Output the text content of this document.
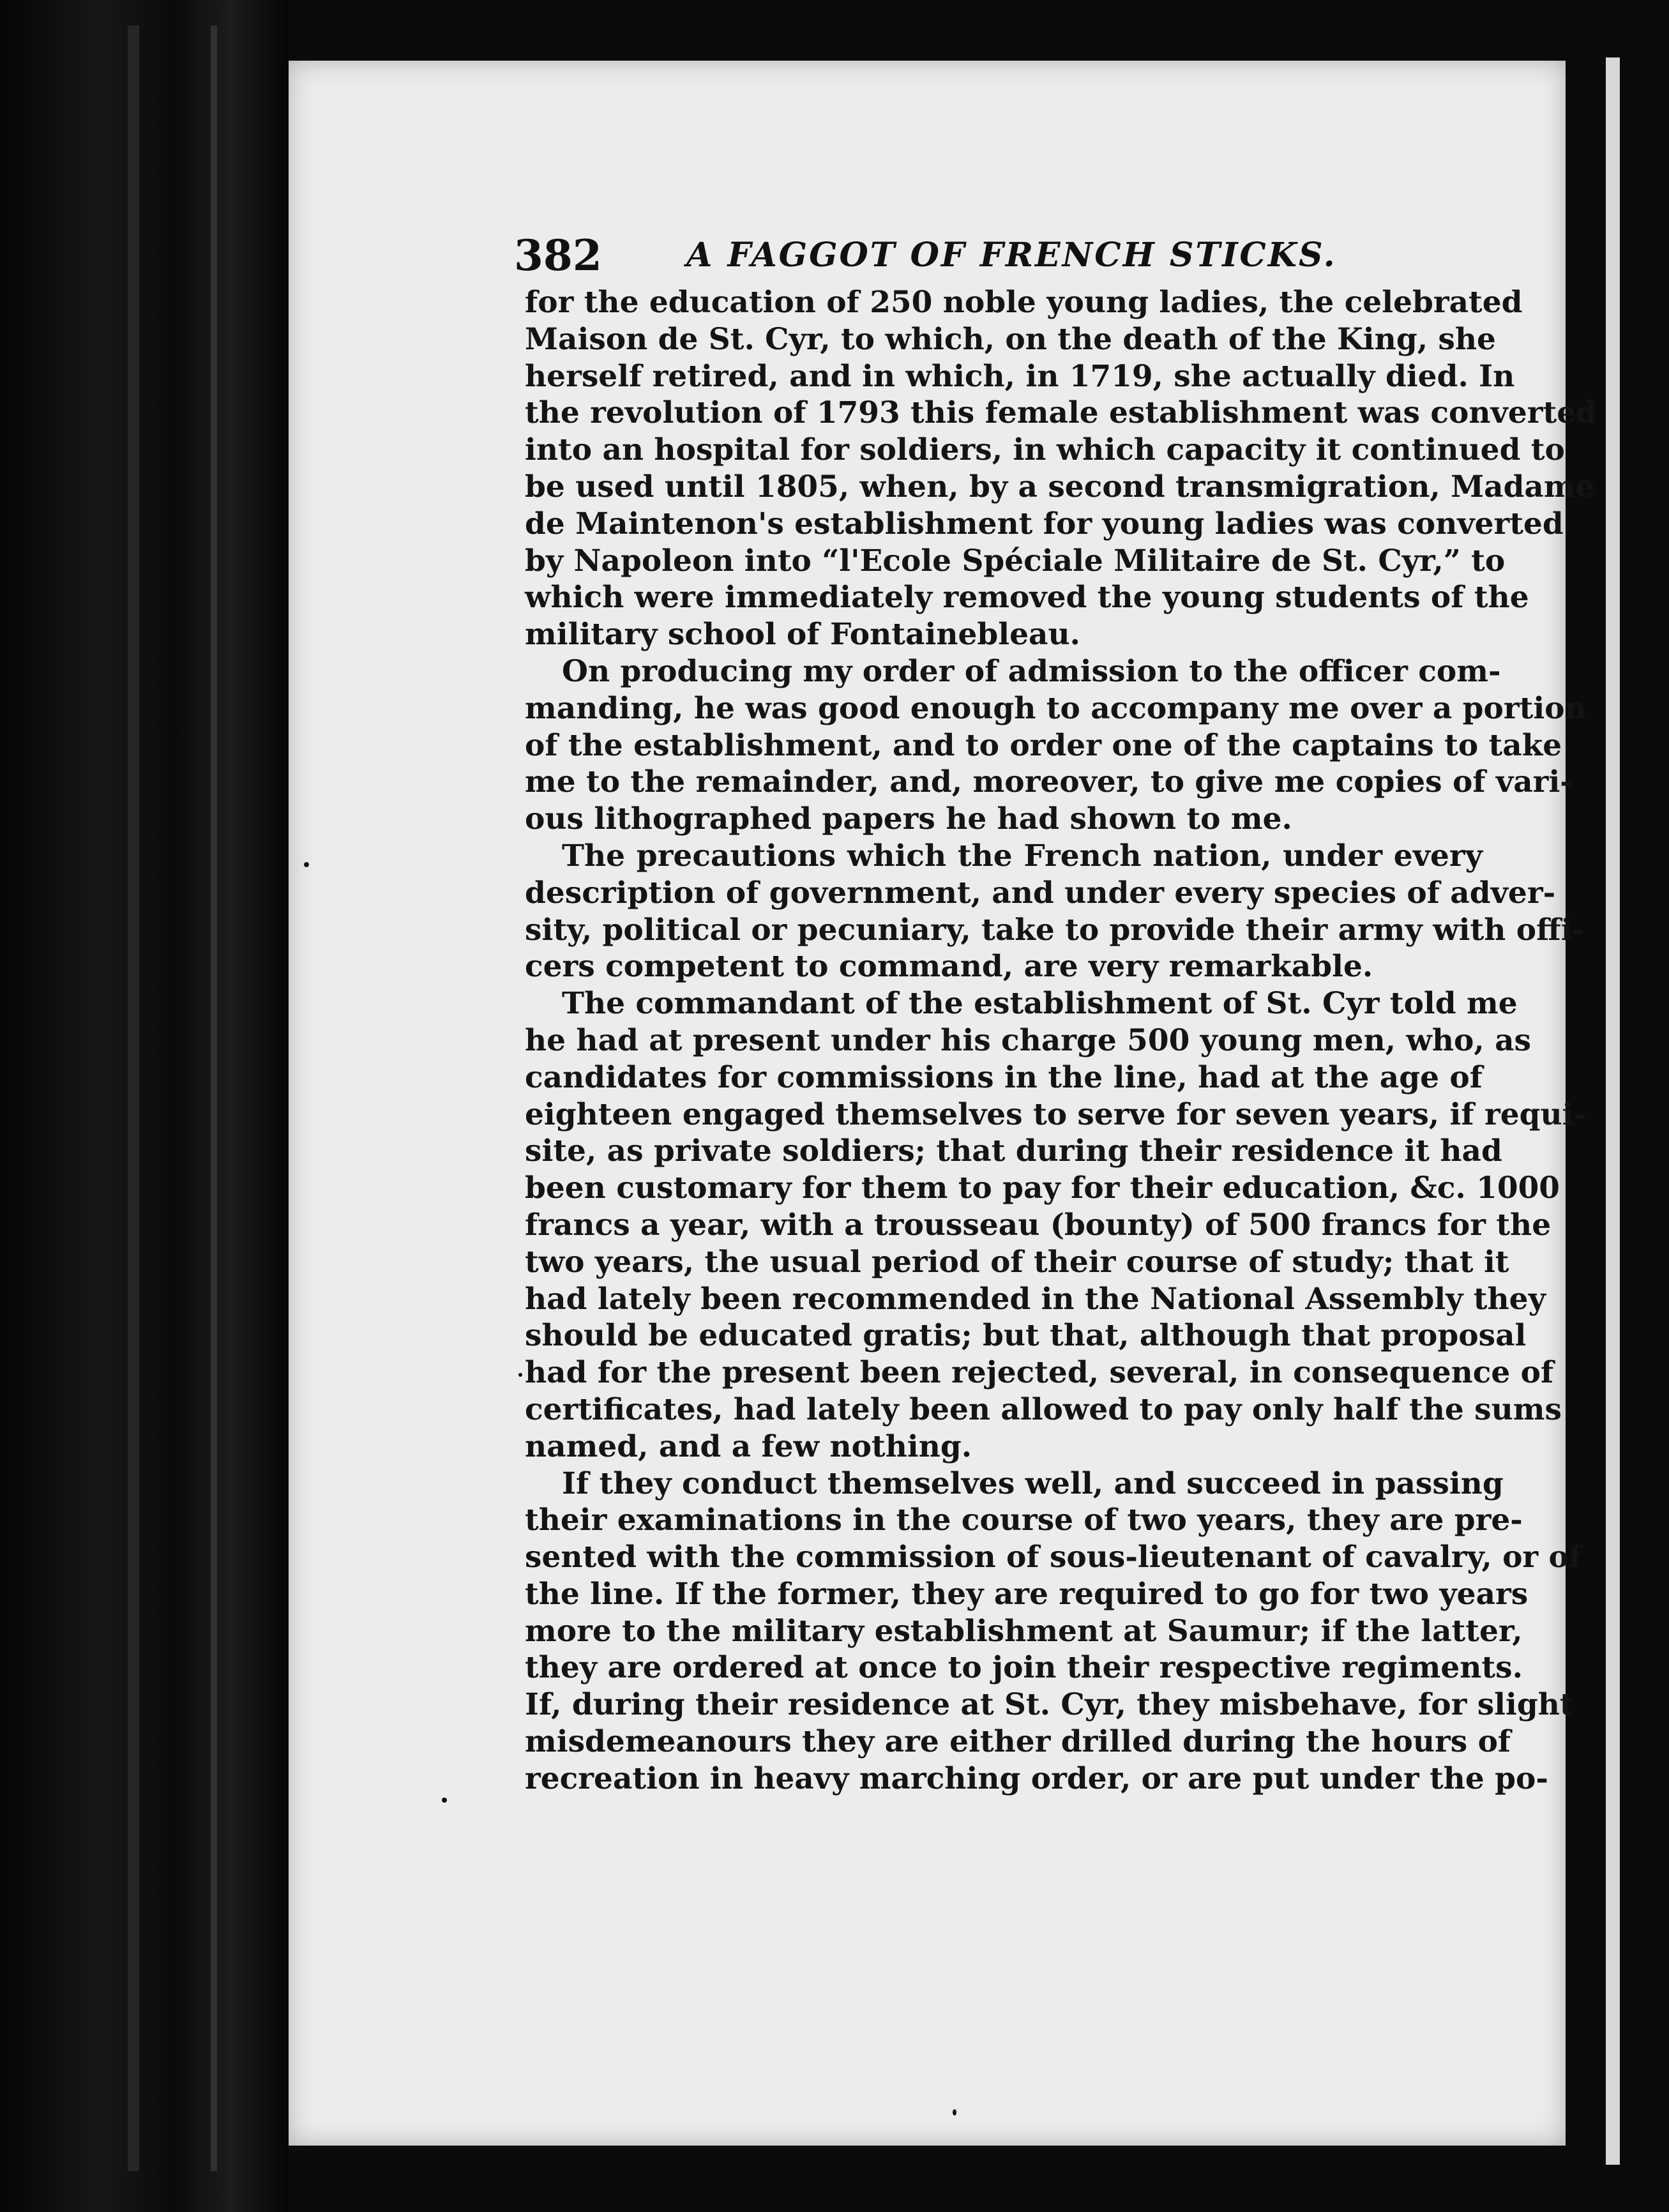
382	A FAGGOT OF FRENCH STICKS.
for the education of 250 noble young ladies, the celebrated
Maison de St. Cyr, to which, on the death of the King, she
herself retired, and in which, in 1719, she actually died. In
the revolution of 1793 this female establishment was converted
into an hospital for soldiers, in which capacity it continued to
be used until 1805, when, by a second transmigration, Madame
de Maintenon's establishment for young ladies was converted
by Napoleon into “l'Ecole Spéciale Militaire de St. Cyr,” to
which were immediately removed the young students of the
military school of Fontainebleau.
On producing my order of admission to the officer com-
manding, he was good enough to accompany me over a portion
of the establishment, and to order one of the captains to take
me to the remainder, and, moreover, to give me copies of vari-
ous lithographed papers he had shown to me.
The precautions which the French nation, under every
description of government, and under every species of adver-
sity, political or pecuniary, take to provide their army with offi-
cers competent to command, are very remarkable.
The commandant of the establishment of St. Cyr told me
he had at present under his charge 500 young men, who, as
candidates for commissions in the line, had at the age of
eighteen engaged themselves to serve for seven years, if requi-
site, as private soldiers; that during their residence it had
been customary for them to pay for their education, &c. 1000
francs a year, with a trousseau (bounty) of 500 francs for the
two years, the usual period of their course of study; that it
had lately been recommended in the National Assembly they
should be educated gratis; but that, although that proposal
had for the present been rejected, several, in consequence of
certificates, had lately been allowed to pay only half the sums
named, and a few nothing.
If they conduct themselves well, and succeed in passing
their examinations in the course of two years, they are pre-
sented with the commission of sous-lieutenant of cavalry, or of
the line. If the former, they are required to go for two years
more to the military establishment at Saumur; if the latter,
they are ordered at once to join their respective regiments.
If, during their residence at St. Cyr, they misbehave, for slight
misdemeanours they are either drilled during the hours of
recreation in heavy marching order, or are put under the po-
